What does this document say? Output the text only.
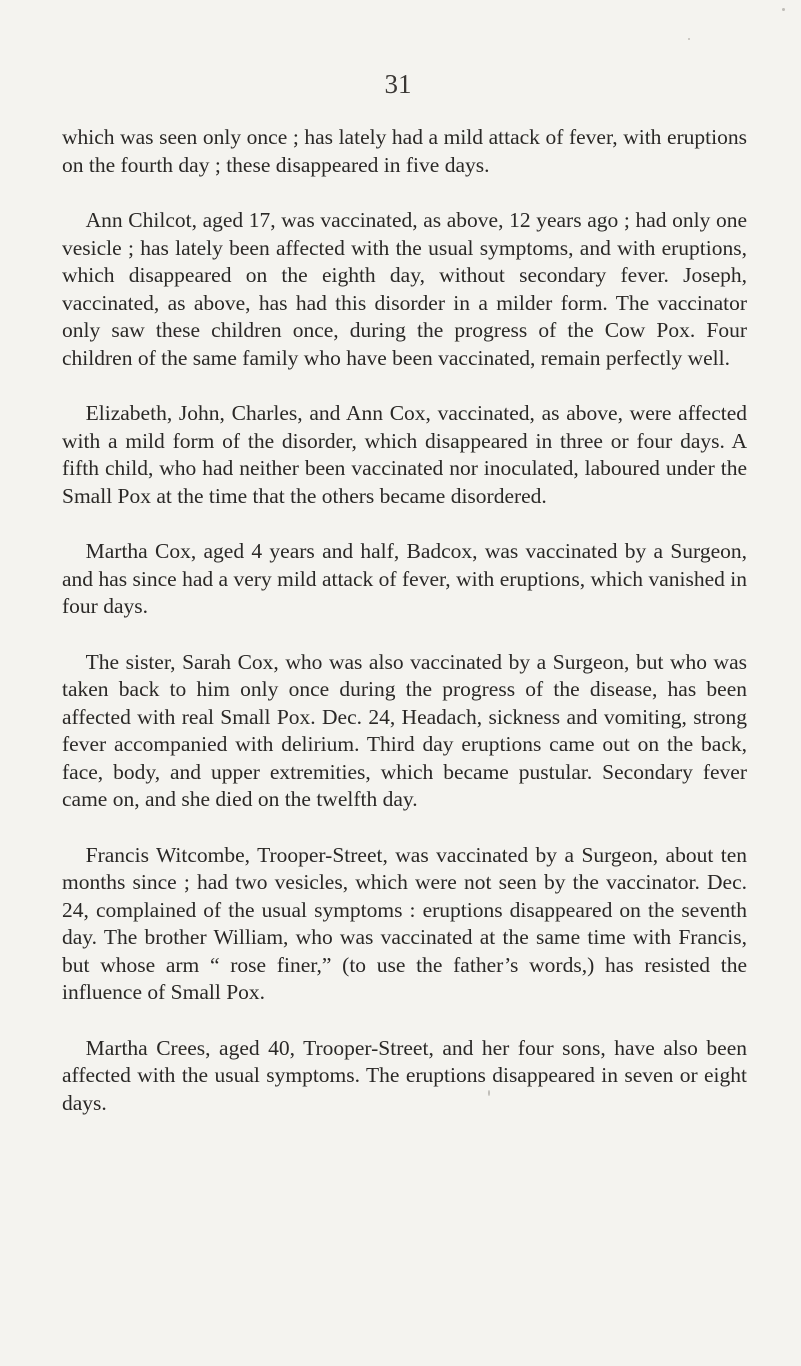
31

which was seen only once ; has lately had a mild attack of fever, with eruptions on the fourth day ; these disappeared in five days.

Ann Chilcot, aged 17, was vaccinated, as above, 12 years ago ; had only one vesicle ; has lately been affected with the usual symptoms, and with eruptions, which disappeared on the eighth day, without secondary fever. Joseph, vaccinated, as above, has had this disorder in a milder form. The vaccinator only saw these children once, during the progress of the Cow Pox. Four children of the same family who have been vaccinated, remain perfectly well.

Elizabeth, John, Charles, and Ann Cox, vaccinated, as above, were affected with a mild form of the disorder, which disappeared in three or four days. A fifth child, who had neither been vaccinated nor inoculated, laboured under the Small Pox at the time that the others became disordered.

Martha Cox, aged 4 years and half, Badcox, was vaccinated by a Surgeon, and has since had a very mild attack of fever, with eruptions, which vanished in four days.

The sister, Sarah Cox, who was also vaccinated by a Surgeon, but who was taken back to him only once during the progress of the disease, has been affected with real Small Pox. Dec. 24, Headach, sickness and vomiting, strong fever accompanied with delirium. Third day eruptions came out on the back, face, body, and upper extremities, which became pustular. Secondary fever came on, and she died on the twelfth day.

Francis Witcombe, Trooper-Street, was vaccinated by a Surgeon, about ten months since ; had two vesicles, which were not seen by the vaccinator. Dec. 24, complained of the usual symptoms : eruptions disappeared on the seventh day. The brother William, who was vaccinated at the same time with Francis, but whose arm “ rose finer,” (to use the father’s words,) has resisted the influence of Small Pox.

Martha Crees, aged 40, Trooper-Street, and her four sons, have also been affected with the usual symptoms. The eruptions disappeared in seven or eight days.
